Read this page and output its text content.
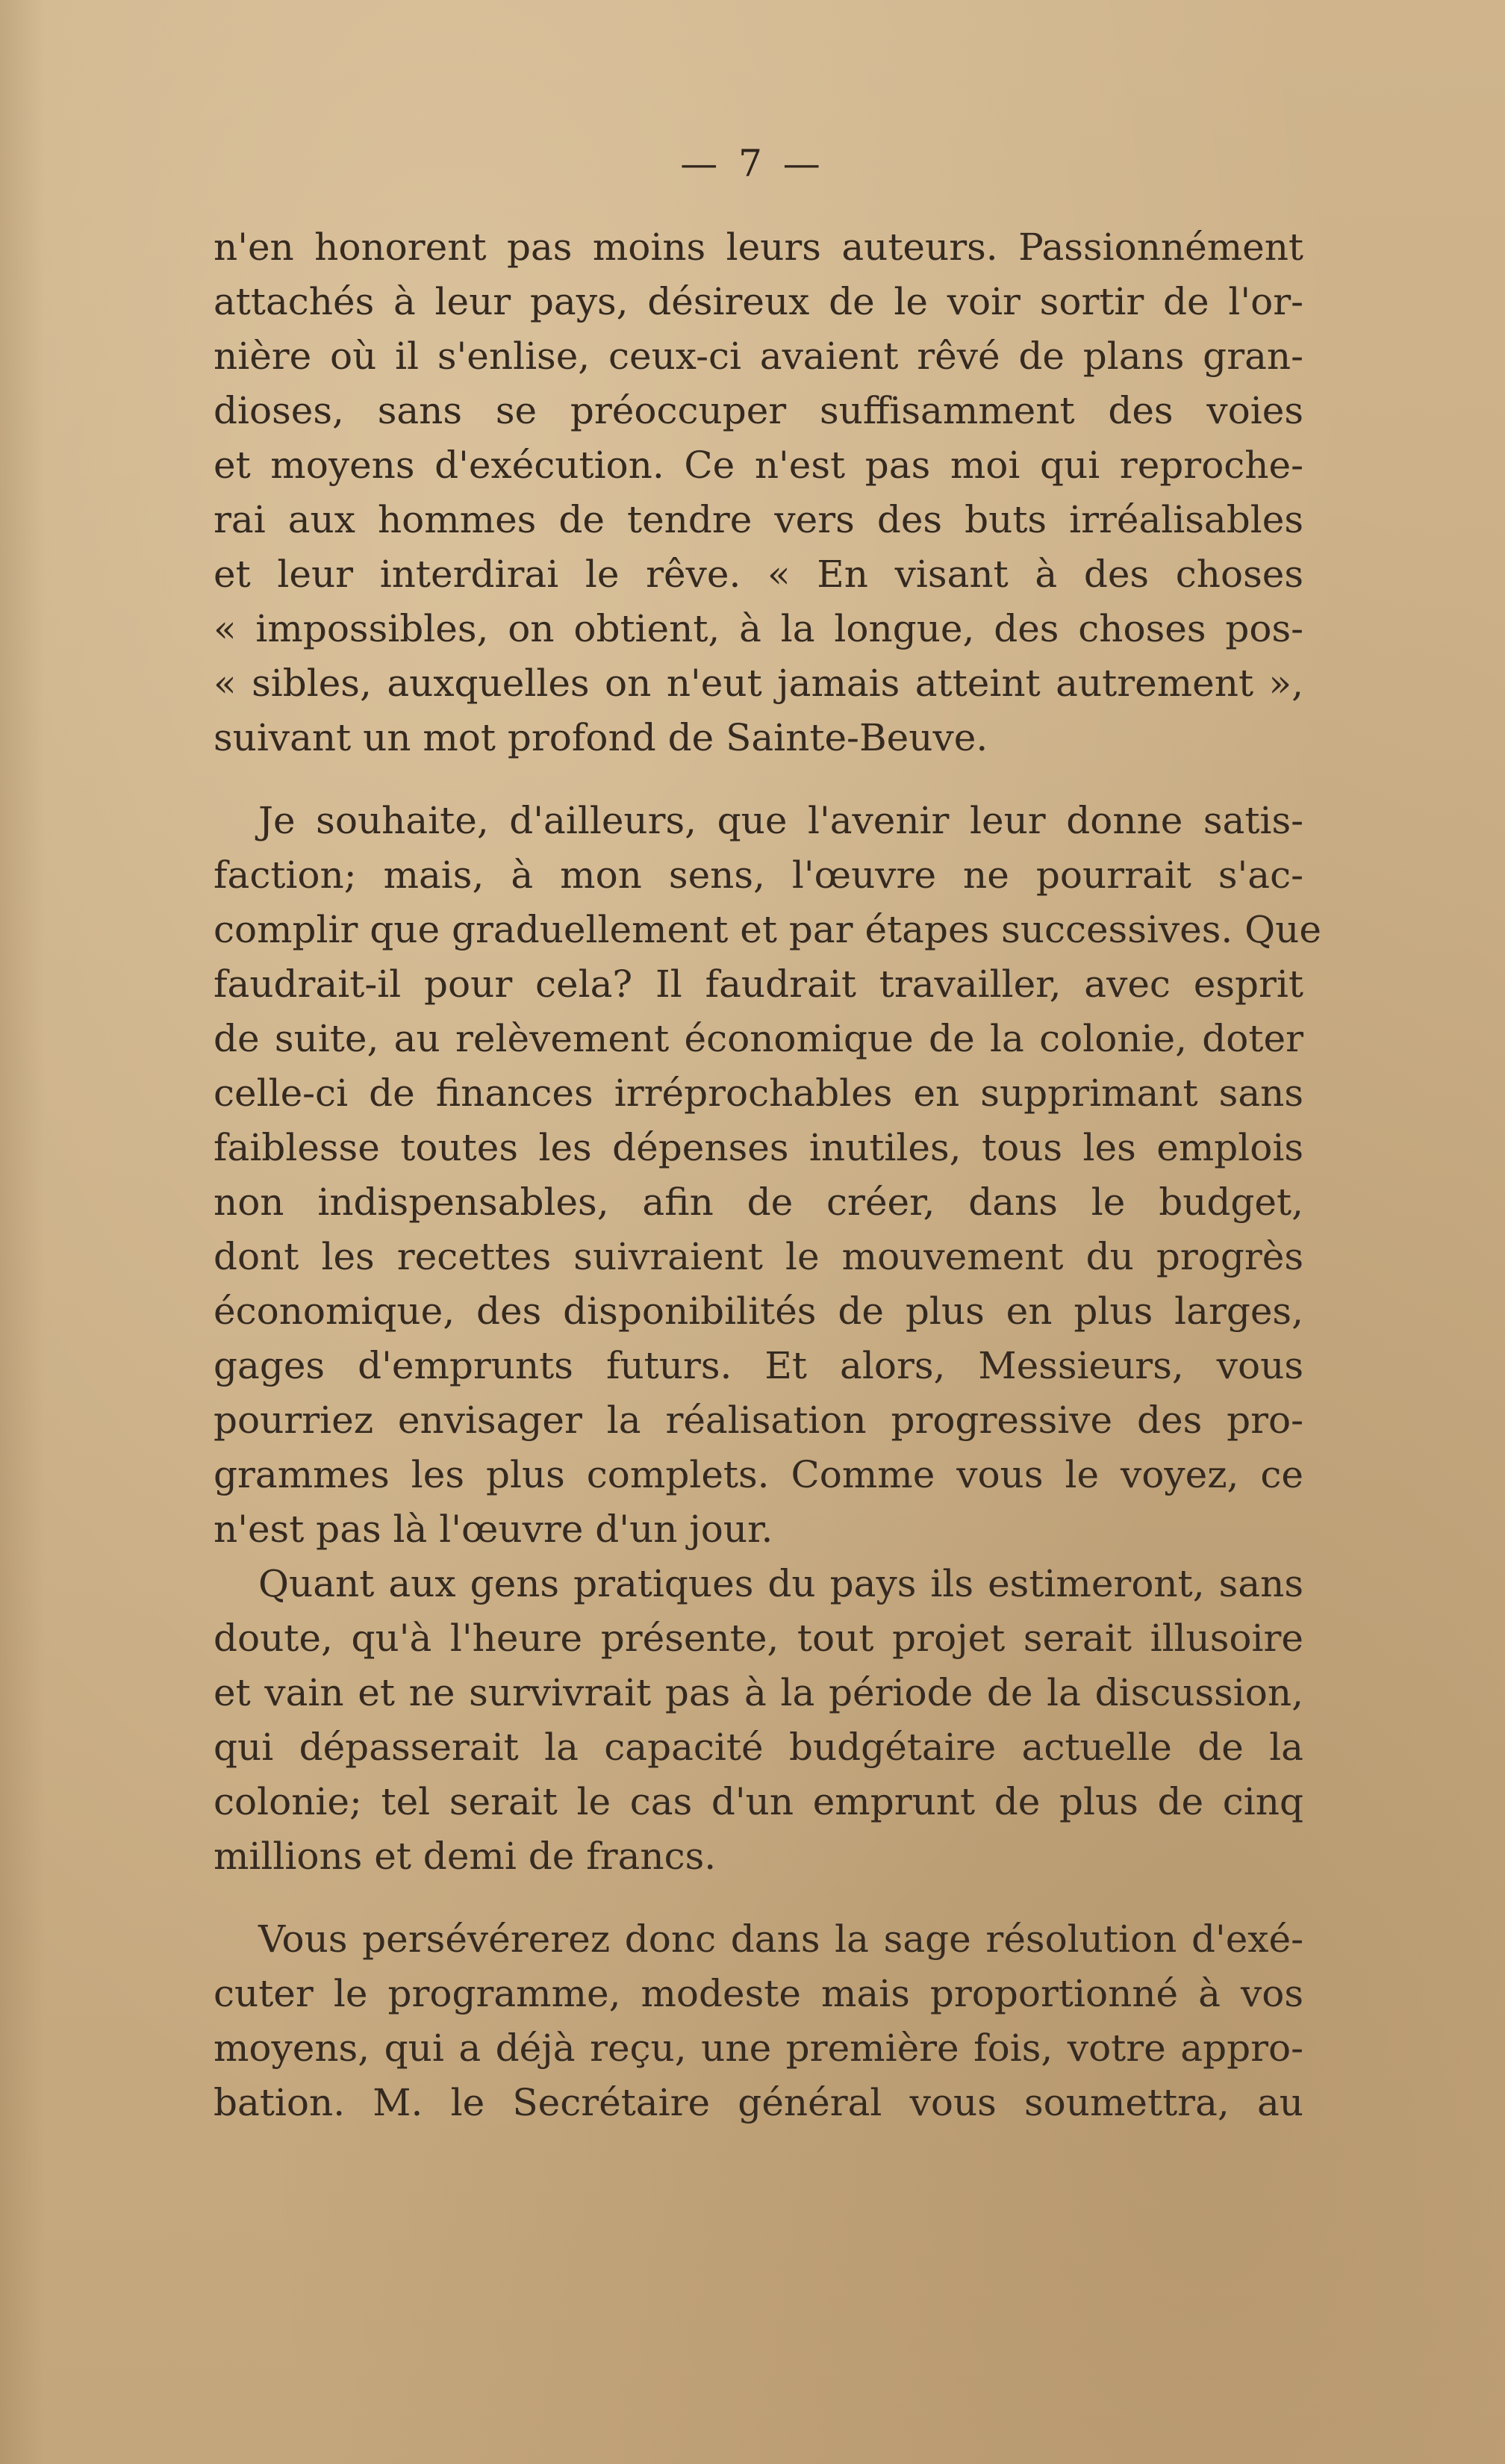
— 7 —
n'en honorent pas moins leurs auteurs. Passionnément
attachés à leur pays, désireux de le voir sortir de l'or-
nière où il s'enlise, ceux-ci avaient rêvé de plans gran-
dioses, sans se préoccuper suffisamment des voies
et moyens d'exécution. Ce n'est pas moi qui reproche-
rai aux hommes de tendre vers des buts irréalisables
et leur interdirai le rêve. « En visant à des choses
« impossibles, on obtient, à la longue, des choses pos-
« sibles, auxquelles on n'eut jamais atteint autrement »,
suivant un mot profond de Sainte-Beuve.
Je souhaite, d'ailleurs, que l'avenir leur donne satis-
faction; mais, à mon sens, l'œuvre ne pourrait s'ac-
complir que graduellement et par étapes successives. Que
faudrait-il pour cela? Il faudrait travailler, avec esprit
de suite, au relèvement économique de la colonie, doter
celle-ci de finances irréprochables en supprimant sans
faiblesse toutes les dépenses inutiles, tous les emplois
non indispensables, afin de créer, dans le budget,
dont les recettes suivraient le mouvement du progrès
économique, des disponibilités de plus en plus larges,
gages d'emprunts futurs. Et alors, Messieurs, vous
pourriez envisager la réalisation progressive des pro-
grammes les plus complets. Comme vous le voyez, ce
n'est pas là l'œuvre d'un jour.
Quant aux gens pratiques du pays ils estimeront, sans
doute, qu'à l'heure présente, tout projet serait illusoire
et vain et ne survivrait pas à la période de la discussion,
qui dépasserait la capacité budgétaire actuelle de la
colonie; tel serait le cas d'un emprunt de plus de cinq
millions et demi de francs.
Vous persévérerez donc dans la sage résolution d'exé-
cuter le programme, modeste mais proportionné à vos
moyens, qui a déjà reçu, une première fois, votre appro-
bation. M. le Secrétaire général vous soumettra, au
